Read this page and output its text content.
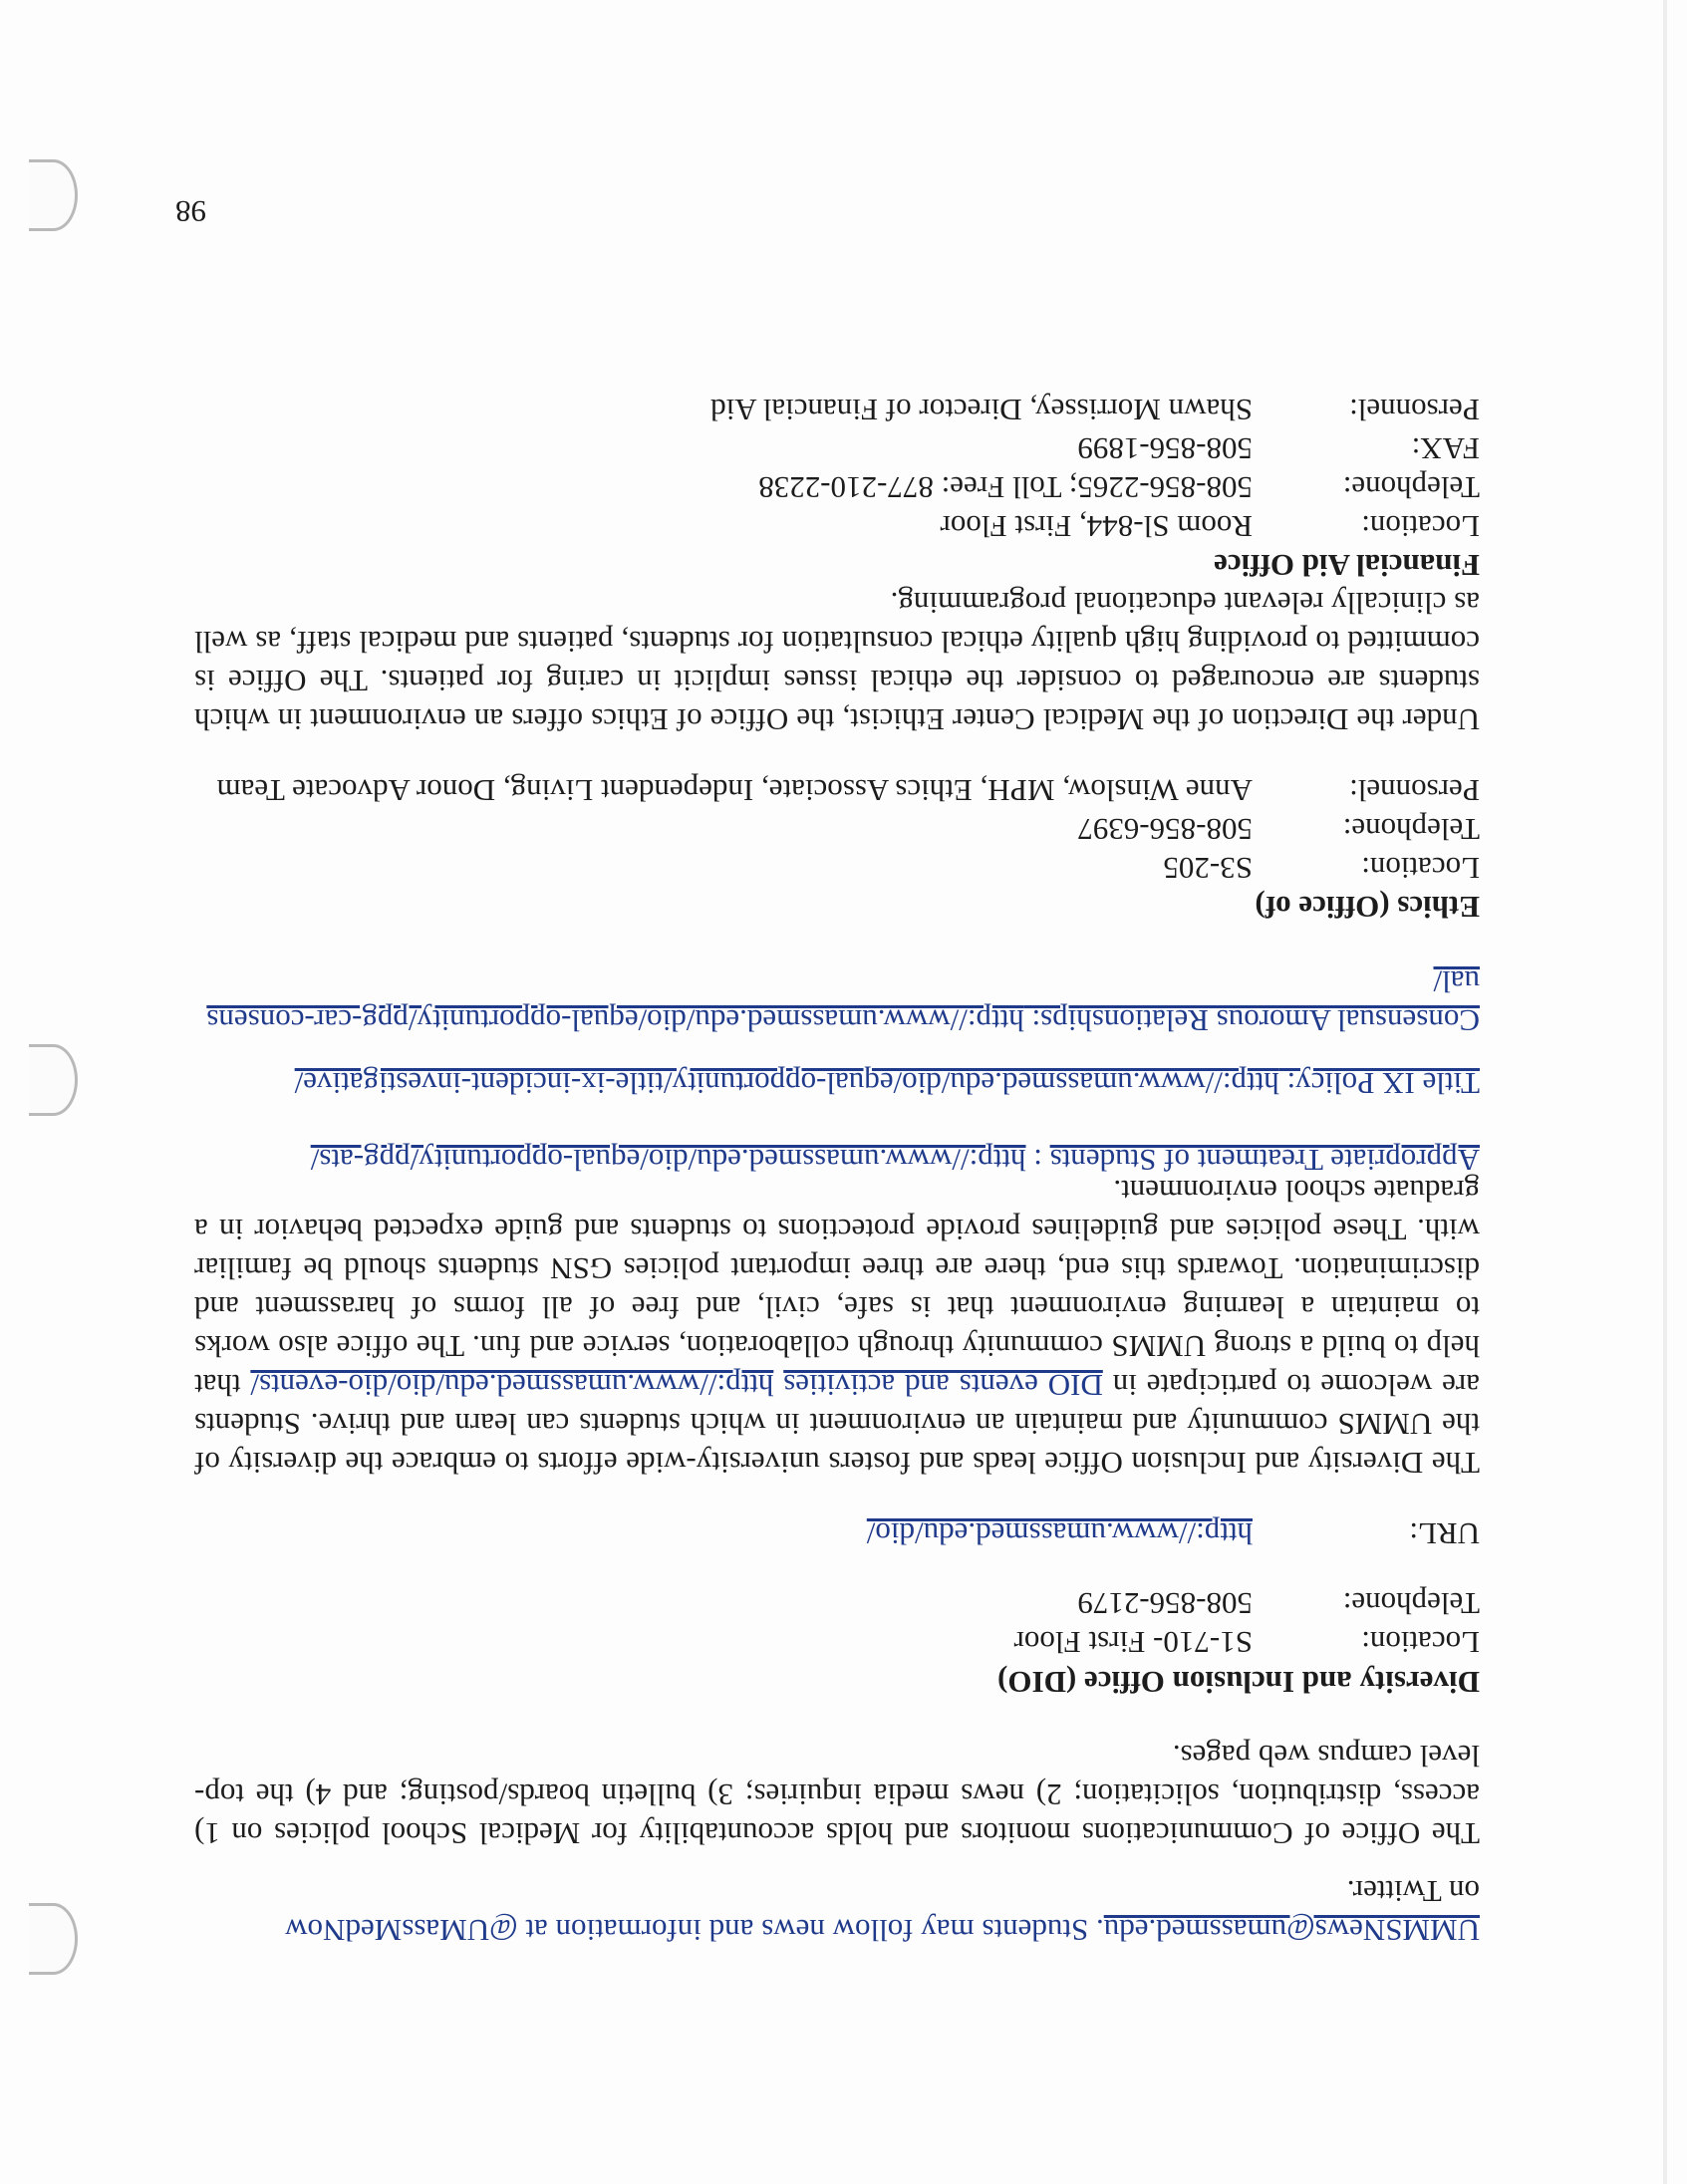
UMMSNews@umassmed.edu. Students may follow news and information at @UMassMedNow

on Twitter.

The Office of Communications monitors and holds accountability for Medical School policies on 1) access, distribution, solicitation; 2) news media inquiries; 3) bulletin boards/posting; and 4) the top-level campus web pages.

Diversity and Inclusion Office (DIO)

Location:
S1-710- First Floor
Telephone:
508-856-2179
URL:
http://www.umassmed.edu/dio/

The Diversity and Inclusion Office leads and fosters university-wide efforts to embrace the diversity of the UMMS community and maintain an environment in which students can learn and thrive. Students are welcome to participate in DIO events and activities http://www.umassmed.edu/dio/dio-events/ that help to build a strong UMMS community through collaboration, service and fun. The office also works to maintain a learning environment that is safe, civil, and free of all forms of harassment and discrimination. Towards this end, there are three important policies GSN students should be familiar with. These policies and guidelines provide protections to students and guide expected behavior in a graduate school environment.

Appropriate Treatment of Students : http://www.umassmed.edu/dio/equal-opportunity/ppg-ats/

Title IX Policy: http://www.umassmed.edu/dio/equal-opportunity/title-ix-incident-investigative/

Consensual Amorous Relationships: http://www.umassmed.edu/dio/equal-opportunity/ppg-car-consensual/

Ethics (Office of)

Location:
S3-205
Telephone:
508-856-6397
Personnel:
Anne Winslow, MPH, Ethics Associate, Independent Living, Donor Advocate Team

Under the Direction of the Medical Center Ethicist, the Office of Ethics offers an environment in which students are encouraged to consider the ethical issues implicit in caring for patients. The Office is committed to providing high quality ethical consultation for students, patients and medical staff, as well as clinically relevant educational programming.

Financial Aid Office

Location:
Room Sl-844, First Floor
Telephone:
508-856-2265; Toll Free: 877-210-2238
FAX:
508-856-1899
Personnel:
Shawn Morrissey, Director of Financial Aid
98
